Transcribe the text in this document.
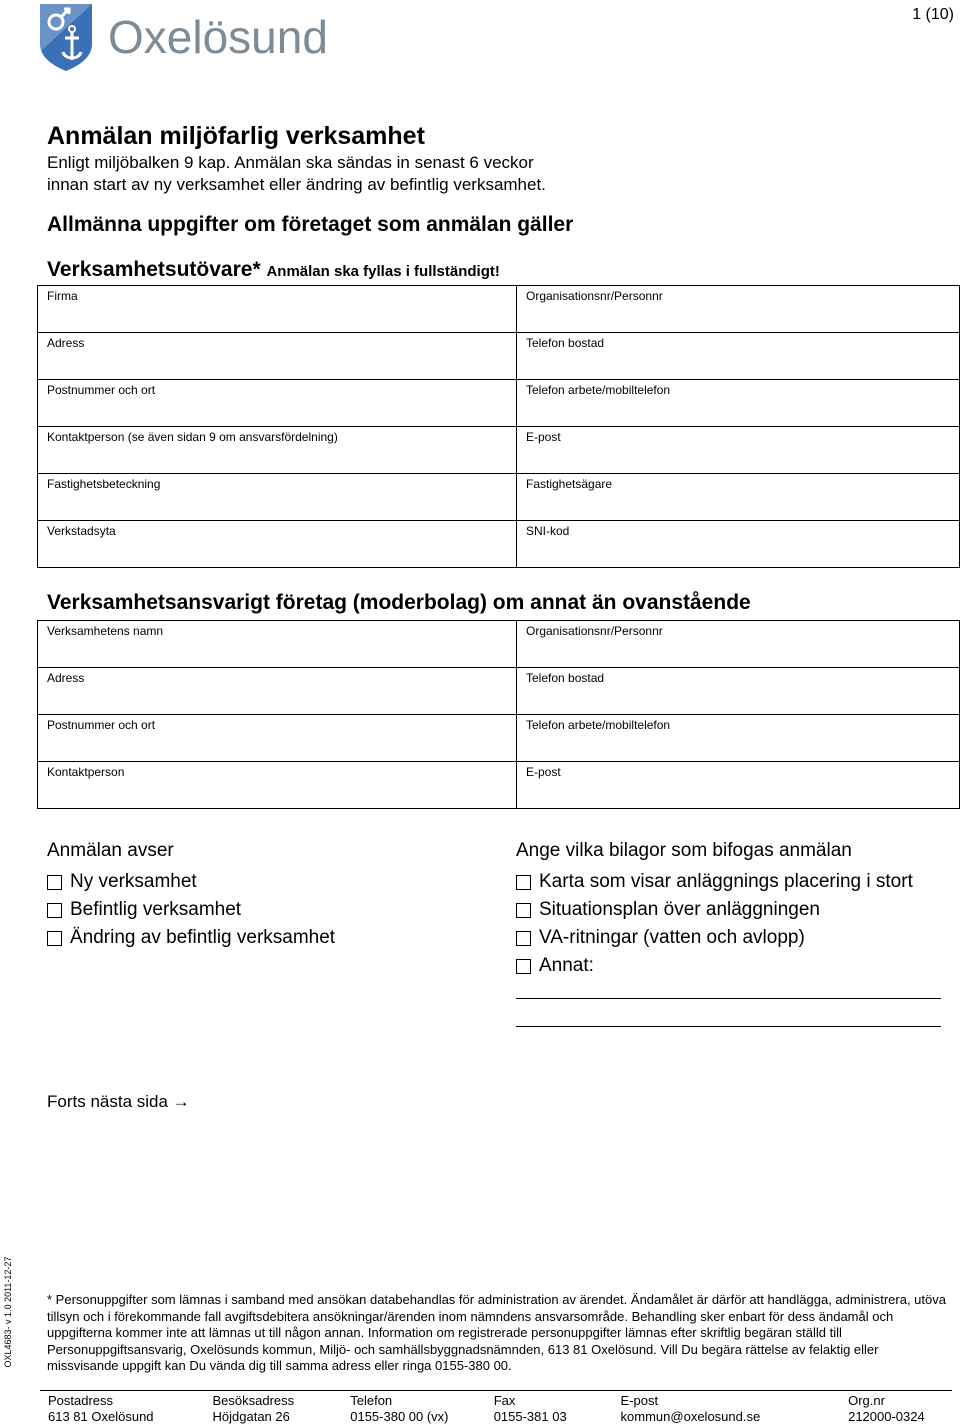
Oxelösund	1 (10)
Anmälan miljöfarlig verksamhet
Enligt miljöbalken 9 kap. Anmälan ska sändas in senast 6 veckor
innan start av ny verksamhet eller ändring av befintlig verksamhet.
Allmänna uppgifter om företaget som anmälan gäller
Verksamhetsutövare* Anmälan ska fyllas i fullständigt!
Firma	Organisationsnr/Personnr

Adress	Telefon bostad

Postnummer och ort	Telefon arbete/mobiltelefon

Kontaktperson (se även sidan 9 om ansvarsfördelning)	E-post

Fastighetsbeteckning	Fastighetsägare

Verkstadsyta	SNI-kod
Verksamhetsansvarigt företag (moderbolag) om annat än ovanstående
Verksamhetens namn	Organisationsnr/Personnr

Adress	Telefon bostad

Postnummer och ort	Telefon arbete/mobiltelefon

Kontaktperson	E-post
Anmälan avser
Ny verksamhet
Befintlig verksamhet
Ändring av befintlig verksamhet
Ange vilka bilagor som bifogas anmälan
Karta som visar anläggnings placering i stort
Situationsplan över anläggningen
VA-ritningar (vatten och avlopp)
Annat:
Forts nästa sida →
OXL4683- v 1.0 2011-12-27	* Personuppgifter som lämnas i samband med ansökan databehandlas för administration av ärendet. Ändamålet är därför att handlägga, administrera, utöva tillsyn och i förekommande fall avgiftsdebitera ansökningar/ärenden inom nämndens ansvarsområde. Behandling sker enbart för dess ändamål och uppgifterna kommer inte att lämnas ut till någon annan. Information om registrerade personuppgifter lämnas efter skriftlig begäran ställd till Personuppgiftsansvarig, Oxelösunds kommun, Miljö- och samhällsbyggnadsnämnden, 613 81 Oxelösund. Vill Du begära rättelse av felaktig eller missvisande uppgift kan Du vända dig till samma adress eller ringa 0155-380 00.
Postadress	Besöksadress	Telefon	Fax	E-post	Org.nr
613 81 Oxelösund	Höjdgatan 26	0155-380 00 (vx)	0155-381 03	kommun@oxelosund.se	212000-0324
